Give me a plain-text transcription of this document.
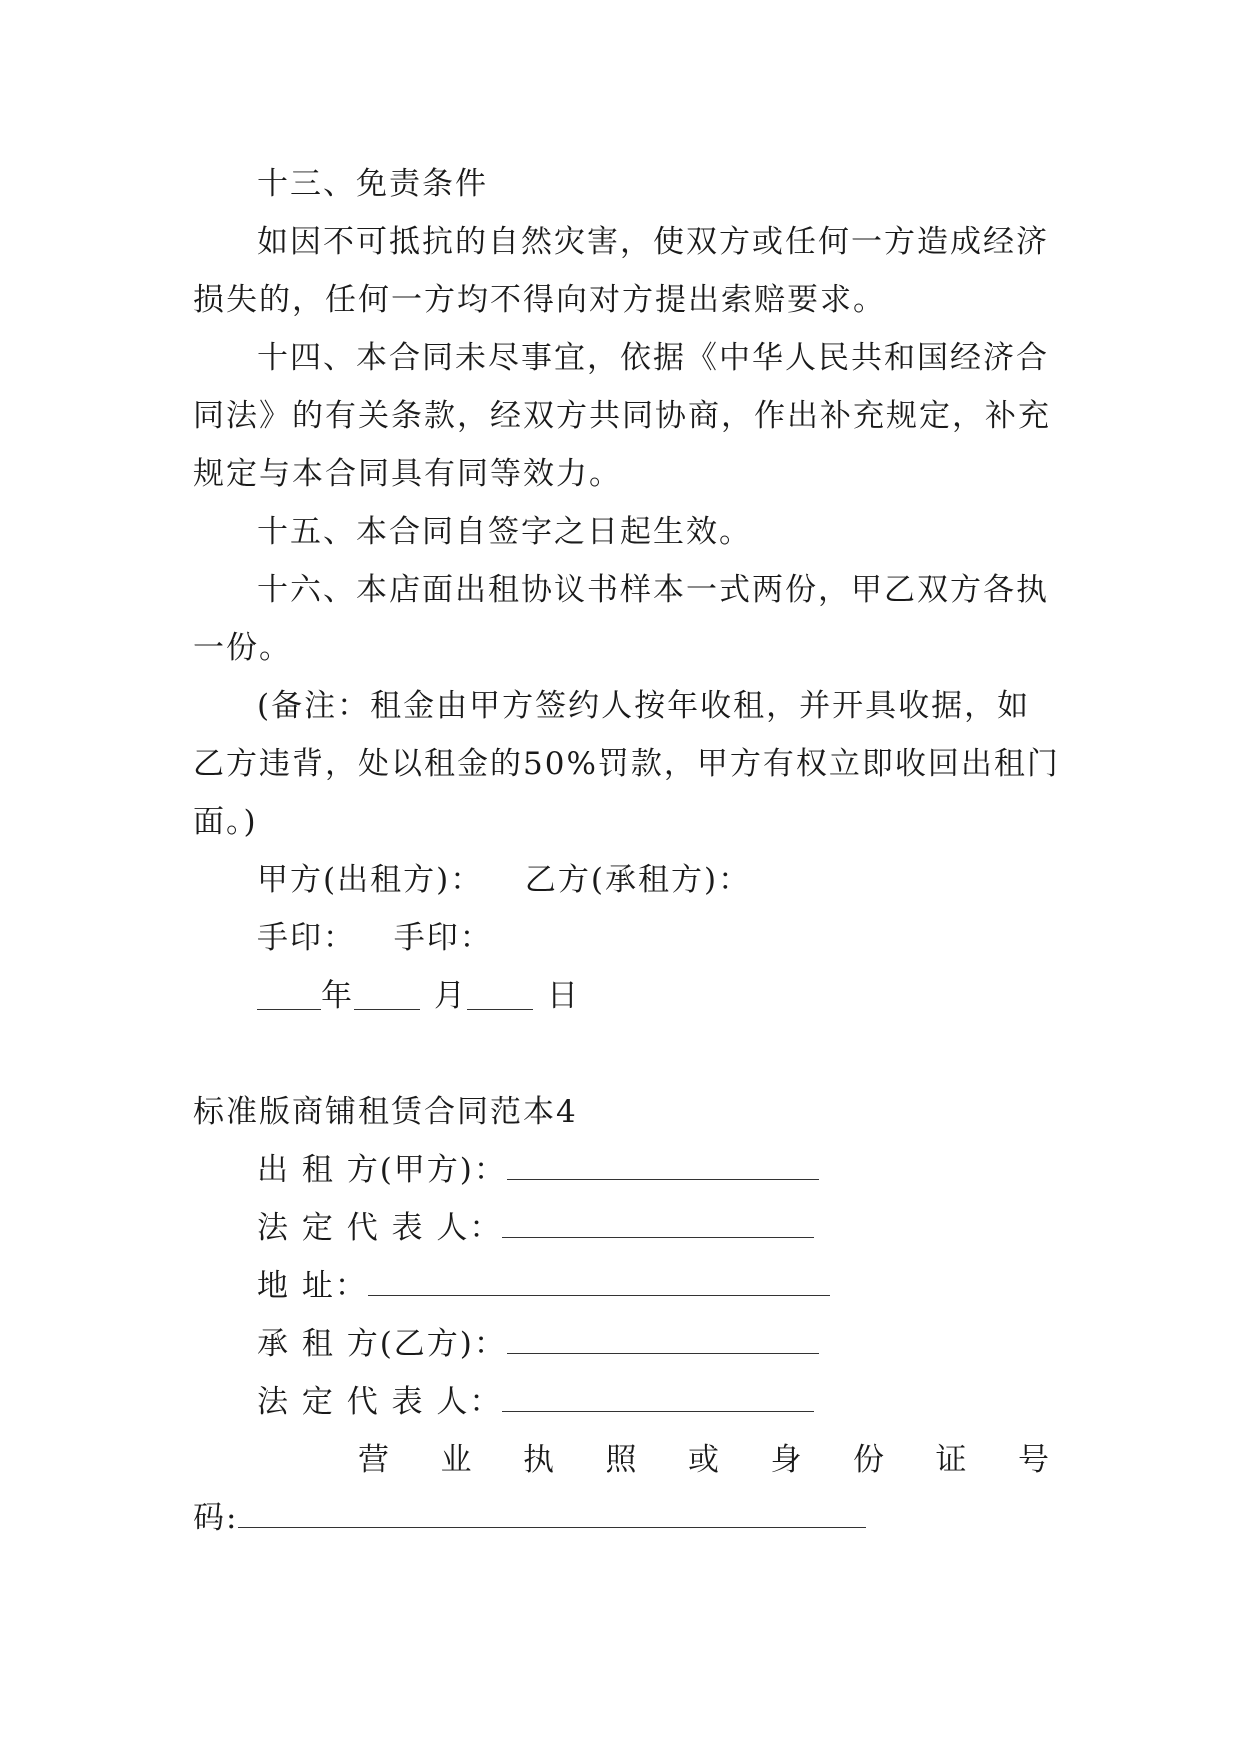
十三、免责条件
如因不可抵抗的自然灾害，使双方或任何一方造成经济
损失的，任何一方均不得向对方提出索赔要求。
十四、本合同未尽事宜，依据《中华人民共和国经济合
同法》的有关条款，经双方共同协商，作出补充规定，补充
规定与本合同具有同等效力。
十五、本合同自签字之日起生效。
十六、本店面出租协议书样本一式两份，甲乙双方各执
一份。
(备注：租金由甲方签约人按年收租，并开具收据，如
乙方违背，处以租金的50%罚款，甲方有权立即收回出租门
面。)
甲方(出租方)： 乙方(承租方)：
手印： 手印：
年	月	日
标准版商铺租赁合同范本4
出 租 方(甲方)：
法 定 代 表 人：
地 址：
承 租 方(乙方)：
法 定 代 表 人：
营 业 执 照 或 身 份 证 号
码:
